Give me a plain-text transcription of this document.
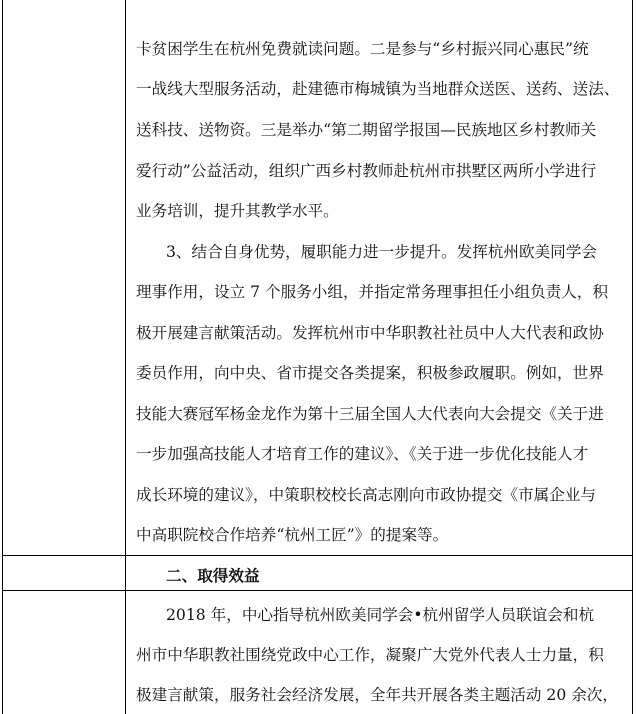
卡贫困学生在杭州免费就读问题。二是参与“乡村振兴同心惠民”统
一战线大型服务活动，赴建德市梅城镇为当地群众送医、送药、送法、
送科技、送物资。三是举办“第二期留学报国—民族地区乡村教师关
爱行动”公益活动，组织广西乡村教师赴杭州市拱墅区两所小学进行
业务培训，提升其教学水平。
3、结合自身优势，履职能力进一步提升。发挥杭州欧美同学会
理事作用，设立 7 个服务小组，并指定常务理事担任小组负责人，积
极开展建言献策活动。发挥杭州市中华职教社社员中人大代表和政协
委员作用，向中央、省市提交各类提案，积极参政履职。例如，世界
技能大赛冠军杨金龙作为第十三届全国人大代表向大会提交《关于进
一步加强高技能人才培育工作的建议》、《关于进一步优化技能人才
成长环境的建议》，中策职校校长高志刚向市政协提交《市属企业与
中高职院校合作培养“杭州工匠”》的提案等。
二、取得效益
2018 年，中心指导杭州欧美同学会•杭州留学人员联谊会和杭
州市中华职教社围绕党政中心工作，凝聚广大党外代表人士力量，积
极建言献策，服务社会经济发展，全年共开展各类主题活动 20 余次，
